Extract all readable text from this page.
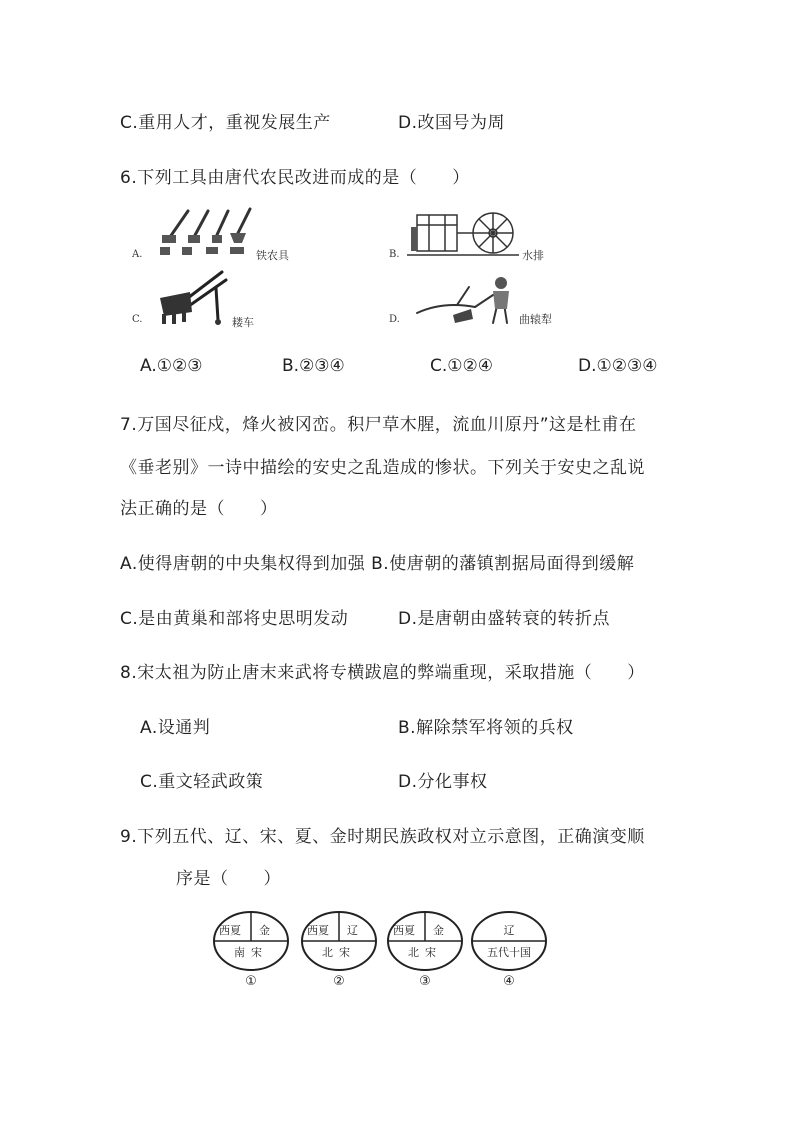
C.重用人才，重视发展生产	D.改国号为周
6.下列工具由唐代农民改进而成的是（　　）
A.	铁农具	B.	水排
C.	耧车	D.	曲辕犁
A.①②③	B.②③④	C.①②④	D.①②③④
7.万国尽征戍，烽火被冈峦。积尸草木腥，流血川原丹”这是杜甫在
《垂老别》一诗中描绘的安史之乱造成的惨状。下列关于安史之乱说
法正确的是（　　）
A.使得唐朝的中央集权得到加强 B.使唐朝的藩镇割据局面得到缓解
C.是由黄巢和部将史思明发动	D.是唐朝由盛转衰的转折点
8.宋太祖为防止唐末来武将专横跋扈的弊端重现，采取措施（　　）
A.设通判	B.解除禁军将领的兵权
C.重文轻武政策	D.分化事权
9.下列五代、辽、宋、夏、金时期民族政权对立示意图，正确演变顺
序是（　　）
西夏 金
南宋
①
西夏 辽
北宋
②
西夏 金
北宋
③
辽
五代十国
④
